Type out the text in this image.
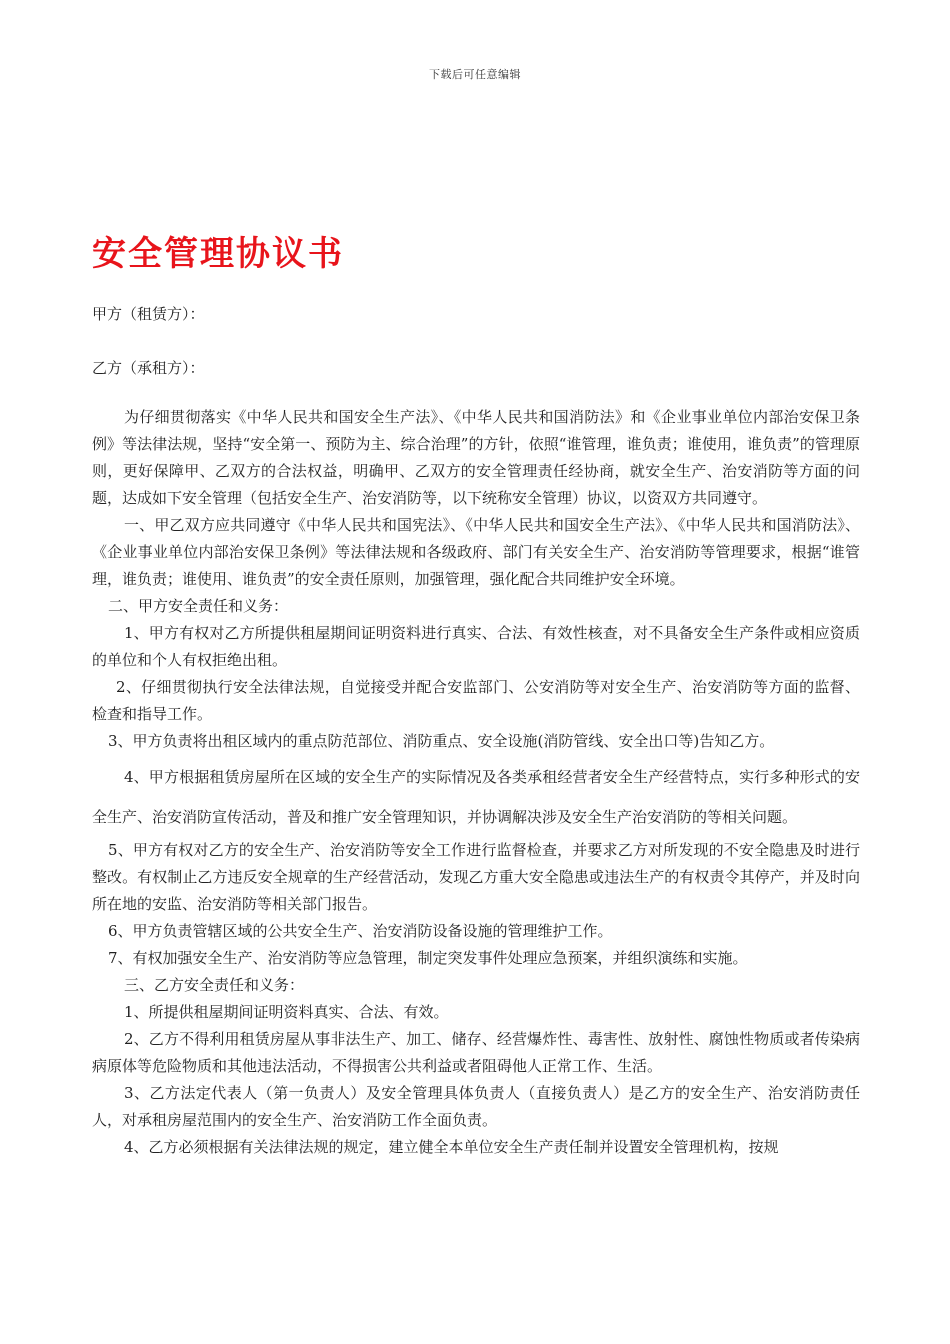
下载后可任意编辑
安全管理协议书
甲方（租赁方）：
乙方（承租方）：

为仔细贯彻落实《中华人民共和国安全生产法》、《中华人民共和国消防法》和《企业事业单位内部治安保卫条例》等法律法规，坚持“安全第一、预防为主、综合治理”的方针，依照“谁管理，谁负责；谁使用，谁负责”的管理原则，更好保障甲、乙双方的合法权益，明确甲、乙双方的安全管理责任经协商，就安全生产、治安消防等方面的问题，达成如下安全管理（包括安全生产、治安消防等，以下统称安全管理）协议，以资双方共同遵守。

一、甲乙双方应共同遵守《中华人民共和国宪法》、《中华人民共和国安全生产法》、《中华人民共和国消防法》、《企业事业单位内部治安保卫条例》等法律法规和各级政府、部门有关安全生产、治安消防等管理要求，根据“谁管理，谁负责；谁使用、谁负责”的安全责任原则，加强管理，强化配合共同维护安全环境。

二、甲方安全责任和义务：

1、甲方有权对乙方所提供租屋期间证明资料进行真实、合法、有效性核查，对不具备安全生产条件或相应资质的单位和个人有权拒绝出租。

2、仔细贯彻执行安全法律法规，自觉接受并配合安监部门、公安消防等对安全生产、治安消防等方面的监督、检查和指导工作。

3、甲方负责将出租区域内的重点防范部位、消防重点、安全设施(消防管线、安全出口等)告知乙方。

4、甲方根据租赁房屋所在区域的安全生产的实际情况及各类承租经营者安全生产经营特点，实行多种形式的安全生产、治安消防宣传活动，普及和推广安全管理知识，并协调解决涉及安全生产治安消防的等相关问题。

5、甲方有权对乙方的安全生产、治安消防等安全工作进行监督检查，并要求乙方对所发现的不安全隐患及时进行整改。有权制止乙方违反安全规章的生产经营活动，发现乙方重大安全隐患或违法生产的有权责令其停产，并及时向所在地的安监、治安消防等相关部门报告。

6、甲方负责管辖区域的公共安全生产、治安消防设备设施的管理维护工作。

7、有权加强安全生产、治安消防等应急管理，制定突发事件处理应急预案，并组织演练和实施。

三、乙方安全责任和义务：

1、所提供租屋期间证明资料真实、合法、有效。

2、乙方不得利用租赁房屋从事非法生产、加工、储存、经营爆炸性、毒害性、放射性、腐蚀性物质或者传染病病原体等危险物质和其他违法活动，不得损害公共利益或者阻碍他人正常工作、生活。

3、乙方法定代表人（第一负责人）及安全管理具体负责人（直接负责人）是乙方的安全生产、治安消防责任人，对承租房屋范围内的安全生产、治安消防工作全面负责。

4、乙方必须根据有关法律法规的规定，建立健全本单位安全生产责任制并设置安全管理机构，按规
